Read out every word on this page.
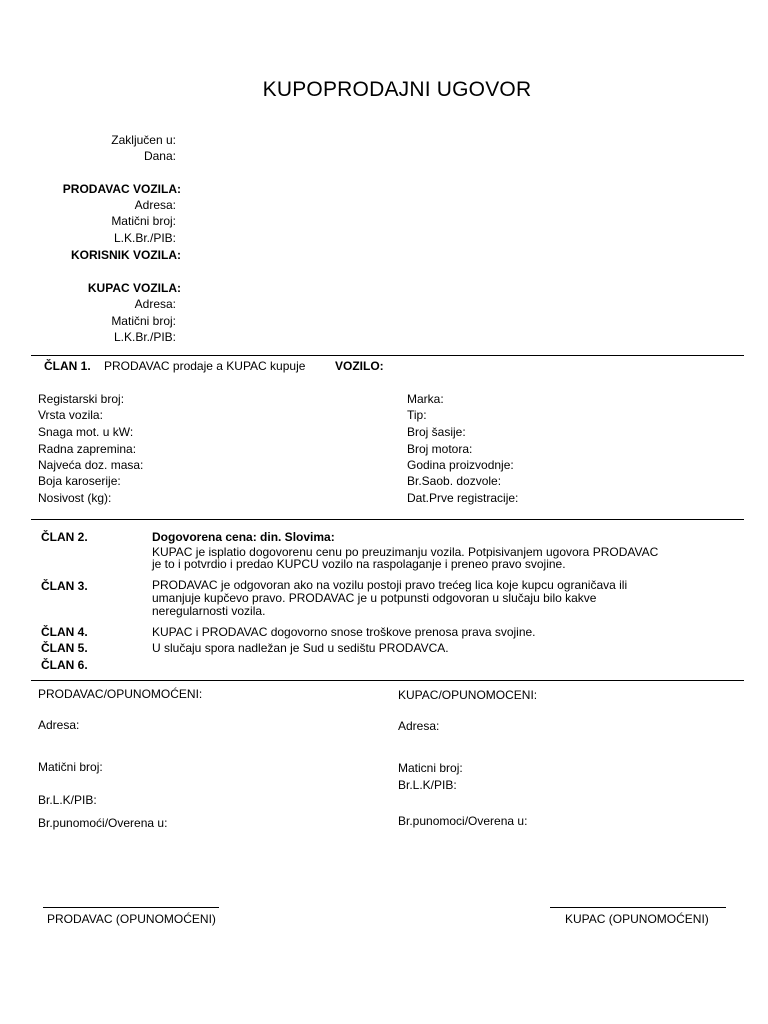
KUPOPRODAJNI UGOVOR
Zaključen u:
Dana:
PRODAVAC VOZILA:
Adresa:
Matični broj:
L.K.Br./PIB:
KORISNIK VOZILA:
KUPAC VOZILA:
Adresa:
Matični broj:
L.K.Br./PIB:
ČLAN 1. PRODAVAC prodaje a KUPAC kupuje VOZILO:
Registarski broj:
Vrsta vozila:
Snaga mot. u kW:
Radna zapremina:
Najveća doz. masa:
Boja karoserije:
Nosivost (kg):
Marka:
Tip:
Broj šasije:
Broj motora:
Godina proizvodnje:
Br.Saob. dozvole:
Dat.Prve registracije:
ČLAN 2.	Dogovorena cena: din. Slovima:
KUPAC je isplatio dogovorenu cenu po preuzimanju vozila. Potpisivanjem ugovora PRODAVAC
je to i potvrdio i predao KUPCU vozilo na raspolaganje i preneo pravo svojine.
ČLAN 3.	PRODAVAC je odgovoran ako na vozilu postoji pravo trećeg lica koje kupcu ograničava ili
umanjuje kupčevo pravo. PRODAVAC je u potpunsti odgovoran u slučaju bilo kakve
neregularnosti vozila.
ČLAN 4.	KUPAC i PRODAVAC dogovorno snose troškove prenosa prava svojine.
ČLAN 5.	U slučaju spora nadležan je Sud u sedištu PRODAVCA.
ČLAN 6.
PRODAVAC/OPUNOMOĆENI:
Adresa:
Matični broj:
Br.L.K/PIB:
Br.punomoći/Overena u:
KUPAC/OPUNOMOCENI:
Adresa:
Maticni broj:
Br.L.K/PIB:
Br.punomoci/Overena u:
PRODAVAC (OPUNOMOĆENI)	KUPAC (OPUNOMOĆENI)
